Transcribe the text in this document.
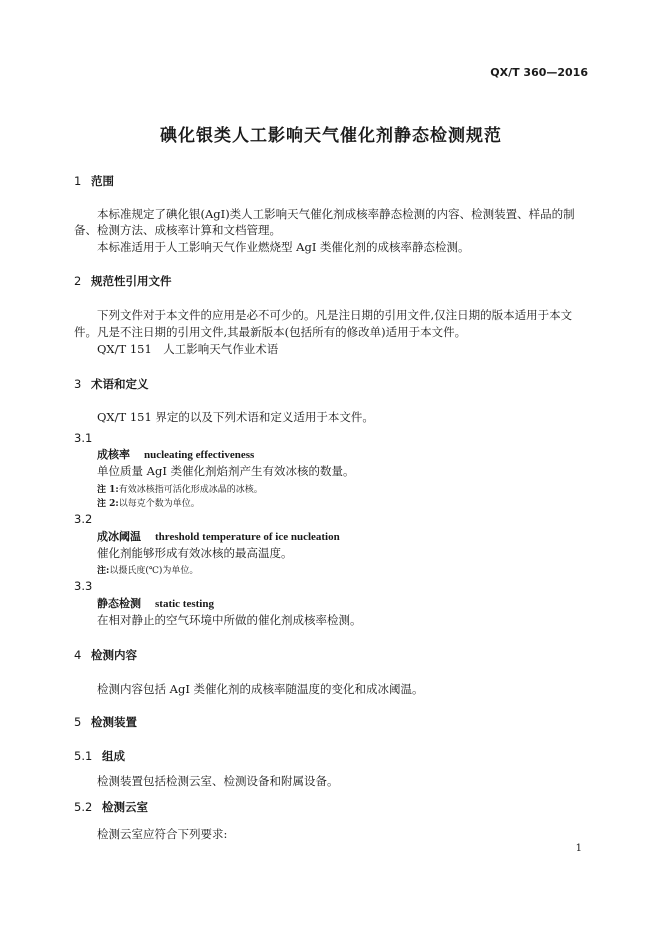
QX/T 360—2016
碘化银类人工影响天气催化剂静态检测规范
1 范围
本标准规定了碘化银(AgI)类人工影响天气催化剂成核率静态检测的内容、检测装置、样品的制
备、检测方法、成核率计算和文档管理。
本标准适用于人工影响天气作业燃烧型 AgI 类催化剂的成核率静态检测。
2 规范性引用文件
下列文件对于本文件的应用是必不可少的。凡是注日期的引用文件,仅注日期的版本适用于本文
件。凡是不注日期的引用文件,其最新版本(包括所有的修改单)适用于本文件。
QX/T 151　人工影响天气作业术语
3 术语和定义
QX/T 151 界定的以及下列术语和定义适用于本文件。
3.1
成核率 nucleating effectiveness
单位质量 AgI 类催化剂焰剂产生有效冰核的数量。
注 1:有效冰核指可活化形成冰晶的冰核。
注 2:以每克个数为单位。
3.2
成冰阈温 threshold temperature of ice nucleation
催化剂能够形成有效冰核的最高温度。
注:以摄氏度(℃)为单位。
3.3
静态检测 static testing
在相对静止的空气环境中所做的催化剂成核率检测。
4 检测内容
检测内容包括 AgI 类催化剂的成核率随温度的变化和成冰阈温。
5 检测装置
5.1 组成
检测装置包括检测云室、检测设备和附属设备。
5.2 检测云室
检测云室应符合下列要求:
1
